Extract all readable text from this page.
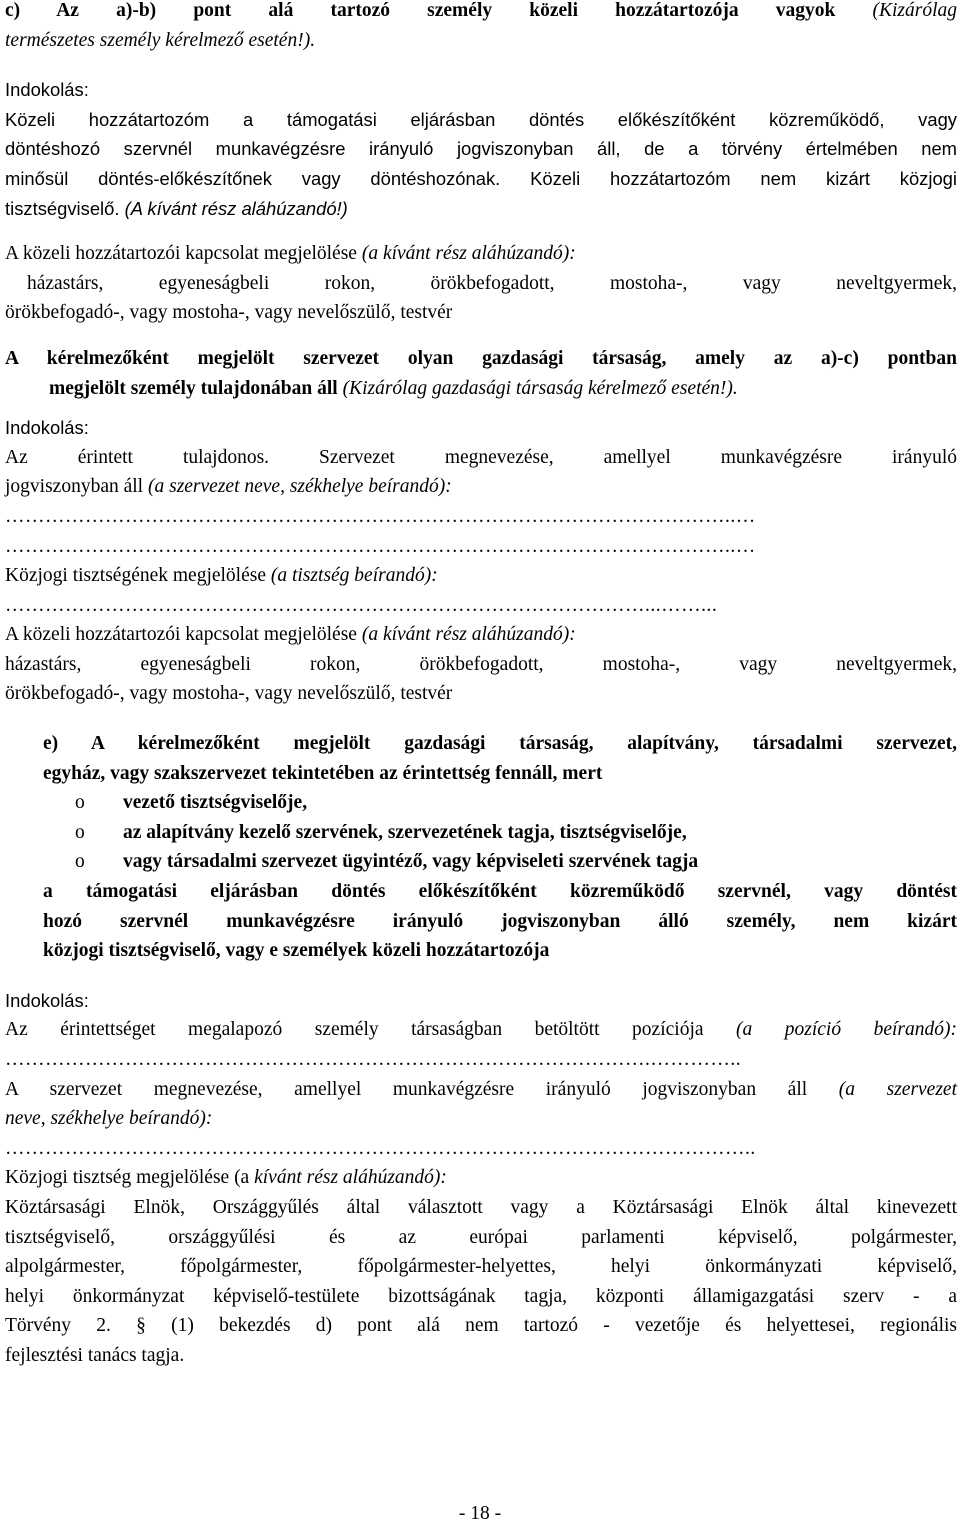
c) Az a)-b) pont alá tartozó személy közeli hozzátartozója vagyok (Kizárólag

természetes személy kérelmező esetén!).

Indokolás:

Közeli hozzátartozóm a támogatási eljárásban döntés előkészítőként közreműködő, vagy

döntéshozó szervnél munkavégzésre irányuló jogviszonyban áll, de a törvény értelmében nem

minősül döntés-előkészítőnek vagy döntéshozónak. Közeli hozzátartozóm nem kizárt közjogi

tisztségviselő. (A kívánt rész aláhúzandó!)

A közeli hozzátartozói kapcsolat megjelölése (a kívánt rész aláhúzandó):

házastárs, egyeneságbeli rokon, örökbefogadott, mostoha-, vagy neveltgyermek,

örökbefogadó-, vagy mostoha-, vagy nevelőszülő, testvér

A kérelmezőként megjelölt szervezet olyan gazdasági társaság, amely az a)-c) pontban

megjelölt személy tulajdonában áll (Kizárólag gazdasági társaság kérelmező esetén!).

Indokolás:

Az érintett tulajdonos. Szervezet megnevezése, amellyel munkavégzésre irányuló

jogviszonyban áll (a szervezet neve, székhelye beírandó):

………………………………………………………………………………………………..…

………………………………………………………………………………………………..…

Közjogi tisztségének megjelölése (a tisztség beírandó):

……………………………………………………………………………………...……...

A közeli hozzátartozói kapcsolat megjelölése (a kívánt rész aláhúzandó):

házastárs, egyeneságbeli rokon, örökbefogadott, mostoha-, vagy neveltgyermek,

örökbefogadó-, vagy mostoha-, vagy nevelőszülő, testvér

e) A kérelmezőként megjelölt gazdasági társaság, alapítvány, társadalmi szervezet,

egyház, vagy szakszervezet tekintetében az érintettség fennáll, mert

o	vezető tisztségviselője,
o	az alapítvány kezelő szervének, szervezetének tagja, tisztségviselője,
o	vagy társadalmi szervezet ügyintéző, vagy képviseleti szervének tagja

a támogatási eljárásban döntés előkészítőként közreműködő szervnél, vagy döntést

hozó szervnél munkavégzésre irányuló jogviszonyban álló személy, nem kizárt

közjogi tisztségviselő, vagy e személyek közeli hozzátartozója

Indokolás:

Az érintettséget megalapozó személy társaságban betöltött pozíciója (a pozíció beírandó):

…………………………………………………………………………………….…………..

A szervezet megnevezése, amellyel munkavégzésre irányuló jogviszonyban áll (a szervezet

neve, székhelye beírandó):

…………………………………………………………………………………………………..

Közjogi tisztség megjelölése (a kívánt rész aláhúzandó):

Köztársasági Elnök, Országgyűlés által választott vagy a Köztársasági Elnök által kinevezett

tisztségviselő, országgyűlési és az európai parlamenti képviselő, polgármester,

alpolgármester, főpolgármester, főpolgármester-helyettes, helyi önkormányzati képviselő,

helyi önkormányzat képviselő-testülete bizottságának tagja, központi államigazgatási szerv - a

Törvény 2. § (1) bekezdés d) pont alá nem tartozó - vezetője és helyettesei, regionális

fejlesztési tanács tagja.

- 18 -
